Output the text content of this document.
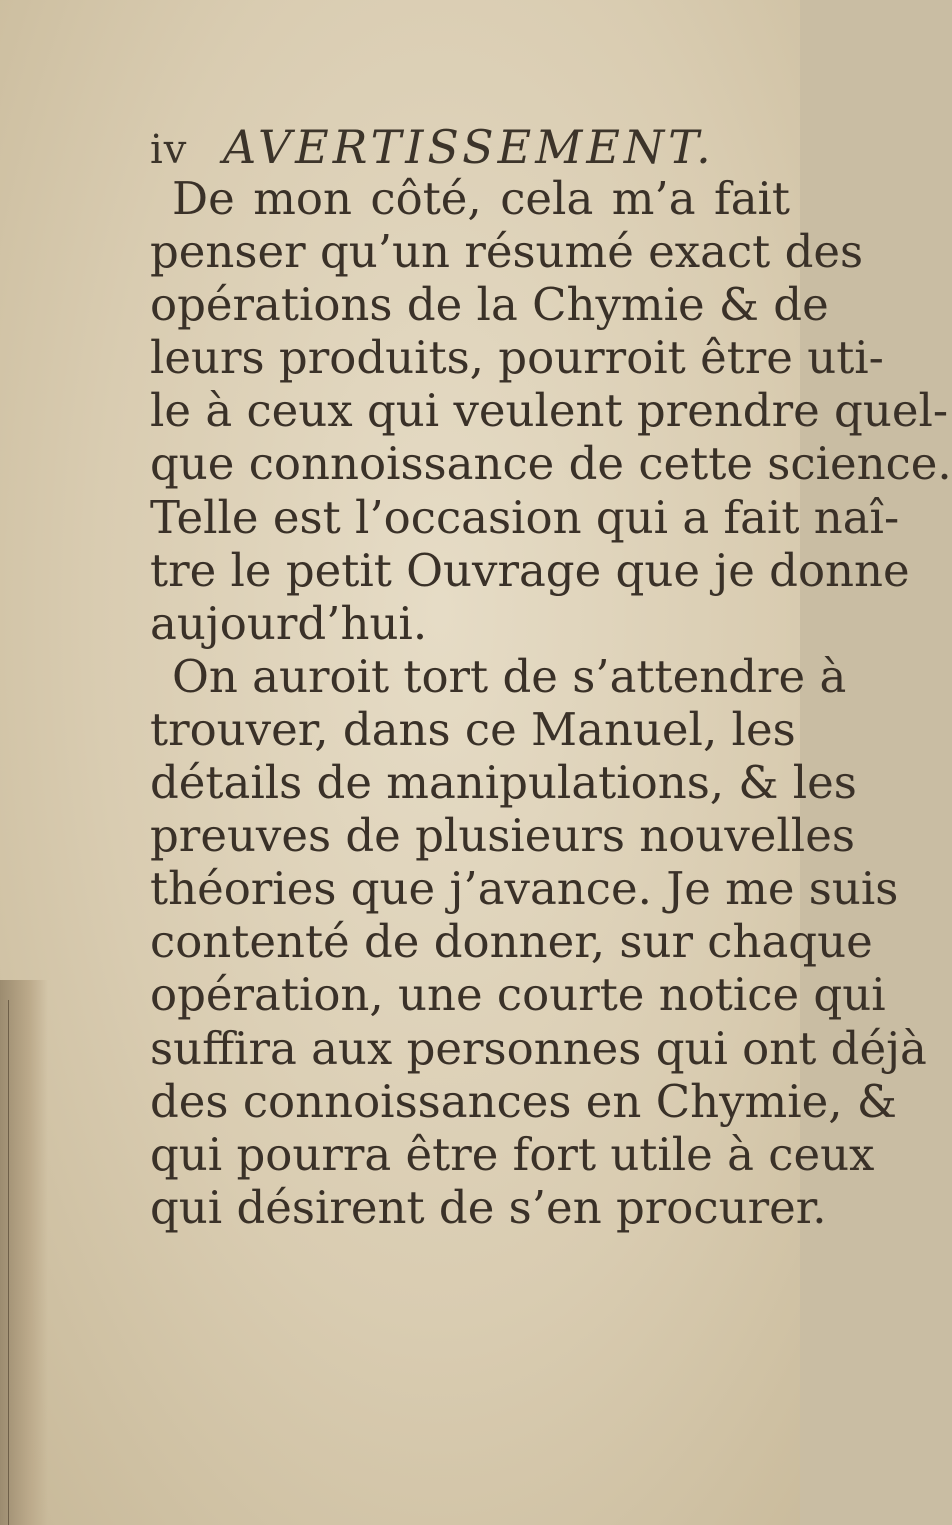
iv AVERTISSEMENT.
De mon côté, cela m’a fait
penser qu’un résumé exact des
opérations de la Chymie & de
leurs produits, pourroit être uti-
le à ceux qui veulent prendre quel-
que connoissance de cette science.
Telle est l’occasion qui a fait naî-
tre le petit Ouvrage que je donne
aujourd’hui.
On auroit tort de s’attendre à
trouver, dans ce Manuel, les
détails de manipulations, & les
preuves de plusieurs nouvelles
théories que j’avance. Je me suis
contenté de donner, sur chaque
opération, une courte notice qui
suffira aux personnes qui ont déjà
des connoissances en Chymie, &
qui pourra être fort utile à ceux
qui désirent de s’en procurer.
